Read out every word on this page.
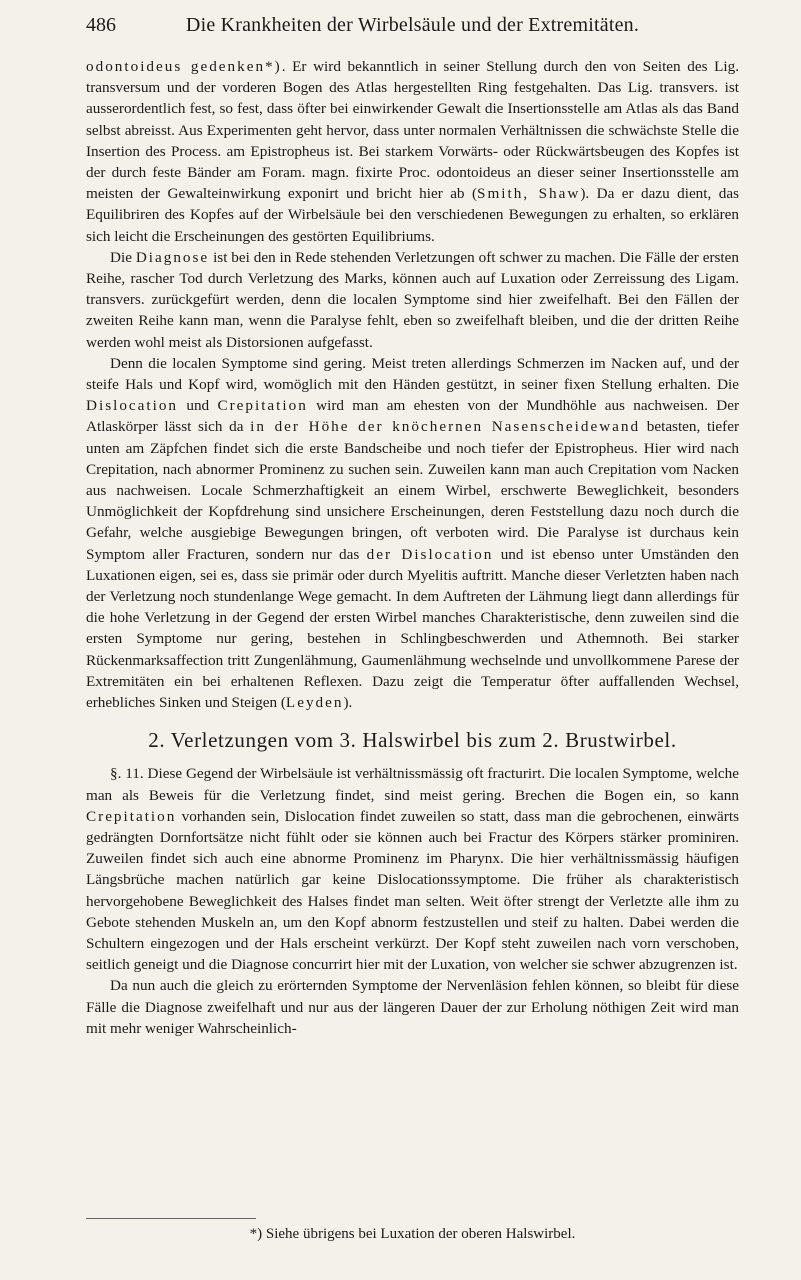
486	Die Krankheiten der Wirbelsäule und der Extremitäten.

odontoideus gedenken*). Er wird bekanntlich in seiner Stellung durch den von Seiten des Lig. transversum und der vorderen Bogen des Atlas hergestellten Ring festgehalten. Das Lig. transvers. ist ausserordentlich fest, so fest, dass öfter bei einwirkender Gewalt die Insertionsstelle am Atlas als das Band selbst abreisst. Aus Experimenten geht hervor, dass unter normalen Verhältnissen die schwächste Stelle die Insertion des Process. am Epistropheus ist. Bei starkem Vorwärts- oder Rückwärtsbeugen des Kopfes ist der durch feste Bänder am Foram. magn. fixirte Proc. odontoideus an dieser seiner Insertionsstelle am meisten der Gewalteinwirkung exponirt und bricht hier ab (Smith, Shaw). Da er dazu dient, das Equilibriren des Kopfes auf der Wirbelsäule bei den verschiedenen Bewegungen zu erhalten, so erklären sich leicht die Erscheinungen des gestörten Equilibriums.

Die Diagnose ist bei den in Rede stehenden Verletzungen oft schwer zu machen. Die Fälle der ersten Reihe, rascher Tod durch Verletzung des Marks, können auch auf Luxation oder Zerreissung des Ligam. transvers. zurückgefürt werden, denn die localen Symptome sind hier zweifelhaft. Bei den Fällen der zweiten Reihe kann man, wenn die Paralyse fehlt, eben so zweifelhaft bleiben, und die der dritten Reihe werden wohl meist als Distorsionen aufgefasst.

Denn die localen Symptome sind gering. Meist treten allerdings Schmerzen im Nacken auf, und der steife Hals und Kopf wird, womöglich mit den Händen gestützt, in seiner fixen Stellung erhalten. Die Dislocation und Crepitation wird man am ehesten von der Mundhöhle aus nachweisen. Der Atlaskörper lässt sich da in der Höhe der knöchernen Nasenscheidewand betasten, tiefer unten am Zäpfchen findet sich die erste Bandscheibe und noch tiefer der Epistropheus. Hier wird nach Crepitation, nach abnormer Prominenz zu suchen sein. Zuweilen kann man auch Crepitation vom Nacken aus nachweisen. Locale Schmerzhaftigkeit an einem Wirbel, erschwerte Beweglichkeit, besonders Unmöglichkeit der Kopfdrehung sind unsichere Erscheinungen, deren Feststellung dazu noch durch die Gefahr, welche ausgiebige Bewegungen bringen, oft verboten wird. Die Paralyse ist durchaus kein Symptom aller Fracturen, sondern nur das der Dislocation und ist ebenso unter Umständen den Luxationen eigen, sei es, dass sie primär oder durch Myelitis auftritt. Manche dieser Verletzten haben nach der Verletzung noch stundenlange Wege gemacht. In dem Auftreten der Lähmung liegt dann allerdings für die hohe Verletzung in der Gegend der ersten Wirbel manches Charakteristische, denn zuweilen sind die ersten Symptome nur gering, bestehen in Schlingbeschwerden und Athemnoth. Bei starker Rückenmarksaffection tritt Zungenlähmung, Gaumenlähmung wechselnde und unvollkommene Parese der Extremitäten ein bei erhaltenen Reflexen. Dazu zeigt die Temperatur öfter auffallenden Wechsel, erhebliches Sinken und Steigen (Leyden).

2. Verletzungen vom 3. Halswirbel bis zum 2. Brustwirbel.

§. 11. Diese Gegend der Wirbelsäule ist verhältnissmässig oft fracturirt. Die localen Symptome, welche man als Beweis für die Verletzung findet, sind meist gering. Brechen die Bogen ein, so kann Crepitation vorhanden sein, Dislocation findet zuweilen so statt, dass man die gebrochenen, einwärts gedrängten Dornfortsätze nicht fühlt oder sie können auch bei Fractur des Körpers stärker prominiren. Zuweilen findet sich auch eine abnorme Prominenz im Pharynx. Die hier verhältnissmässig häufigen Längsbrüche machen natürlich gar keine Dislocationssymptome. Die früher als charakteristisch hervorgehobene Beweglichkeit des Halses findet man selten. Weit öfter strengt der Verletzte alle ihm zu Gebote stehenden Muskeln an, um den Kopf abnorm festzustellen und steif zu halten. Dabei werden die Schultern eingezogen und der Hals erscheint verkürzt. Der Kopf steht zuweilen nach vorn verschoben, seitlich geneigt und die Diagnose concurrirt hier mit der Luxation, von welcher sie schwer abzugrenzen ist.

Da nun auch die gleich zu erörternden Symptome der Nervenläsion fehlen können, so bleibt für diese Fälle die Diagnose zweifelhaft und nur aus der längeren Dauer der zur Erholung nöthigen Zeit wird man mit mehr weniger Wahrscheinlich-

*) Siehe übrigens bei Luxation der oberen Halswirbel.
